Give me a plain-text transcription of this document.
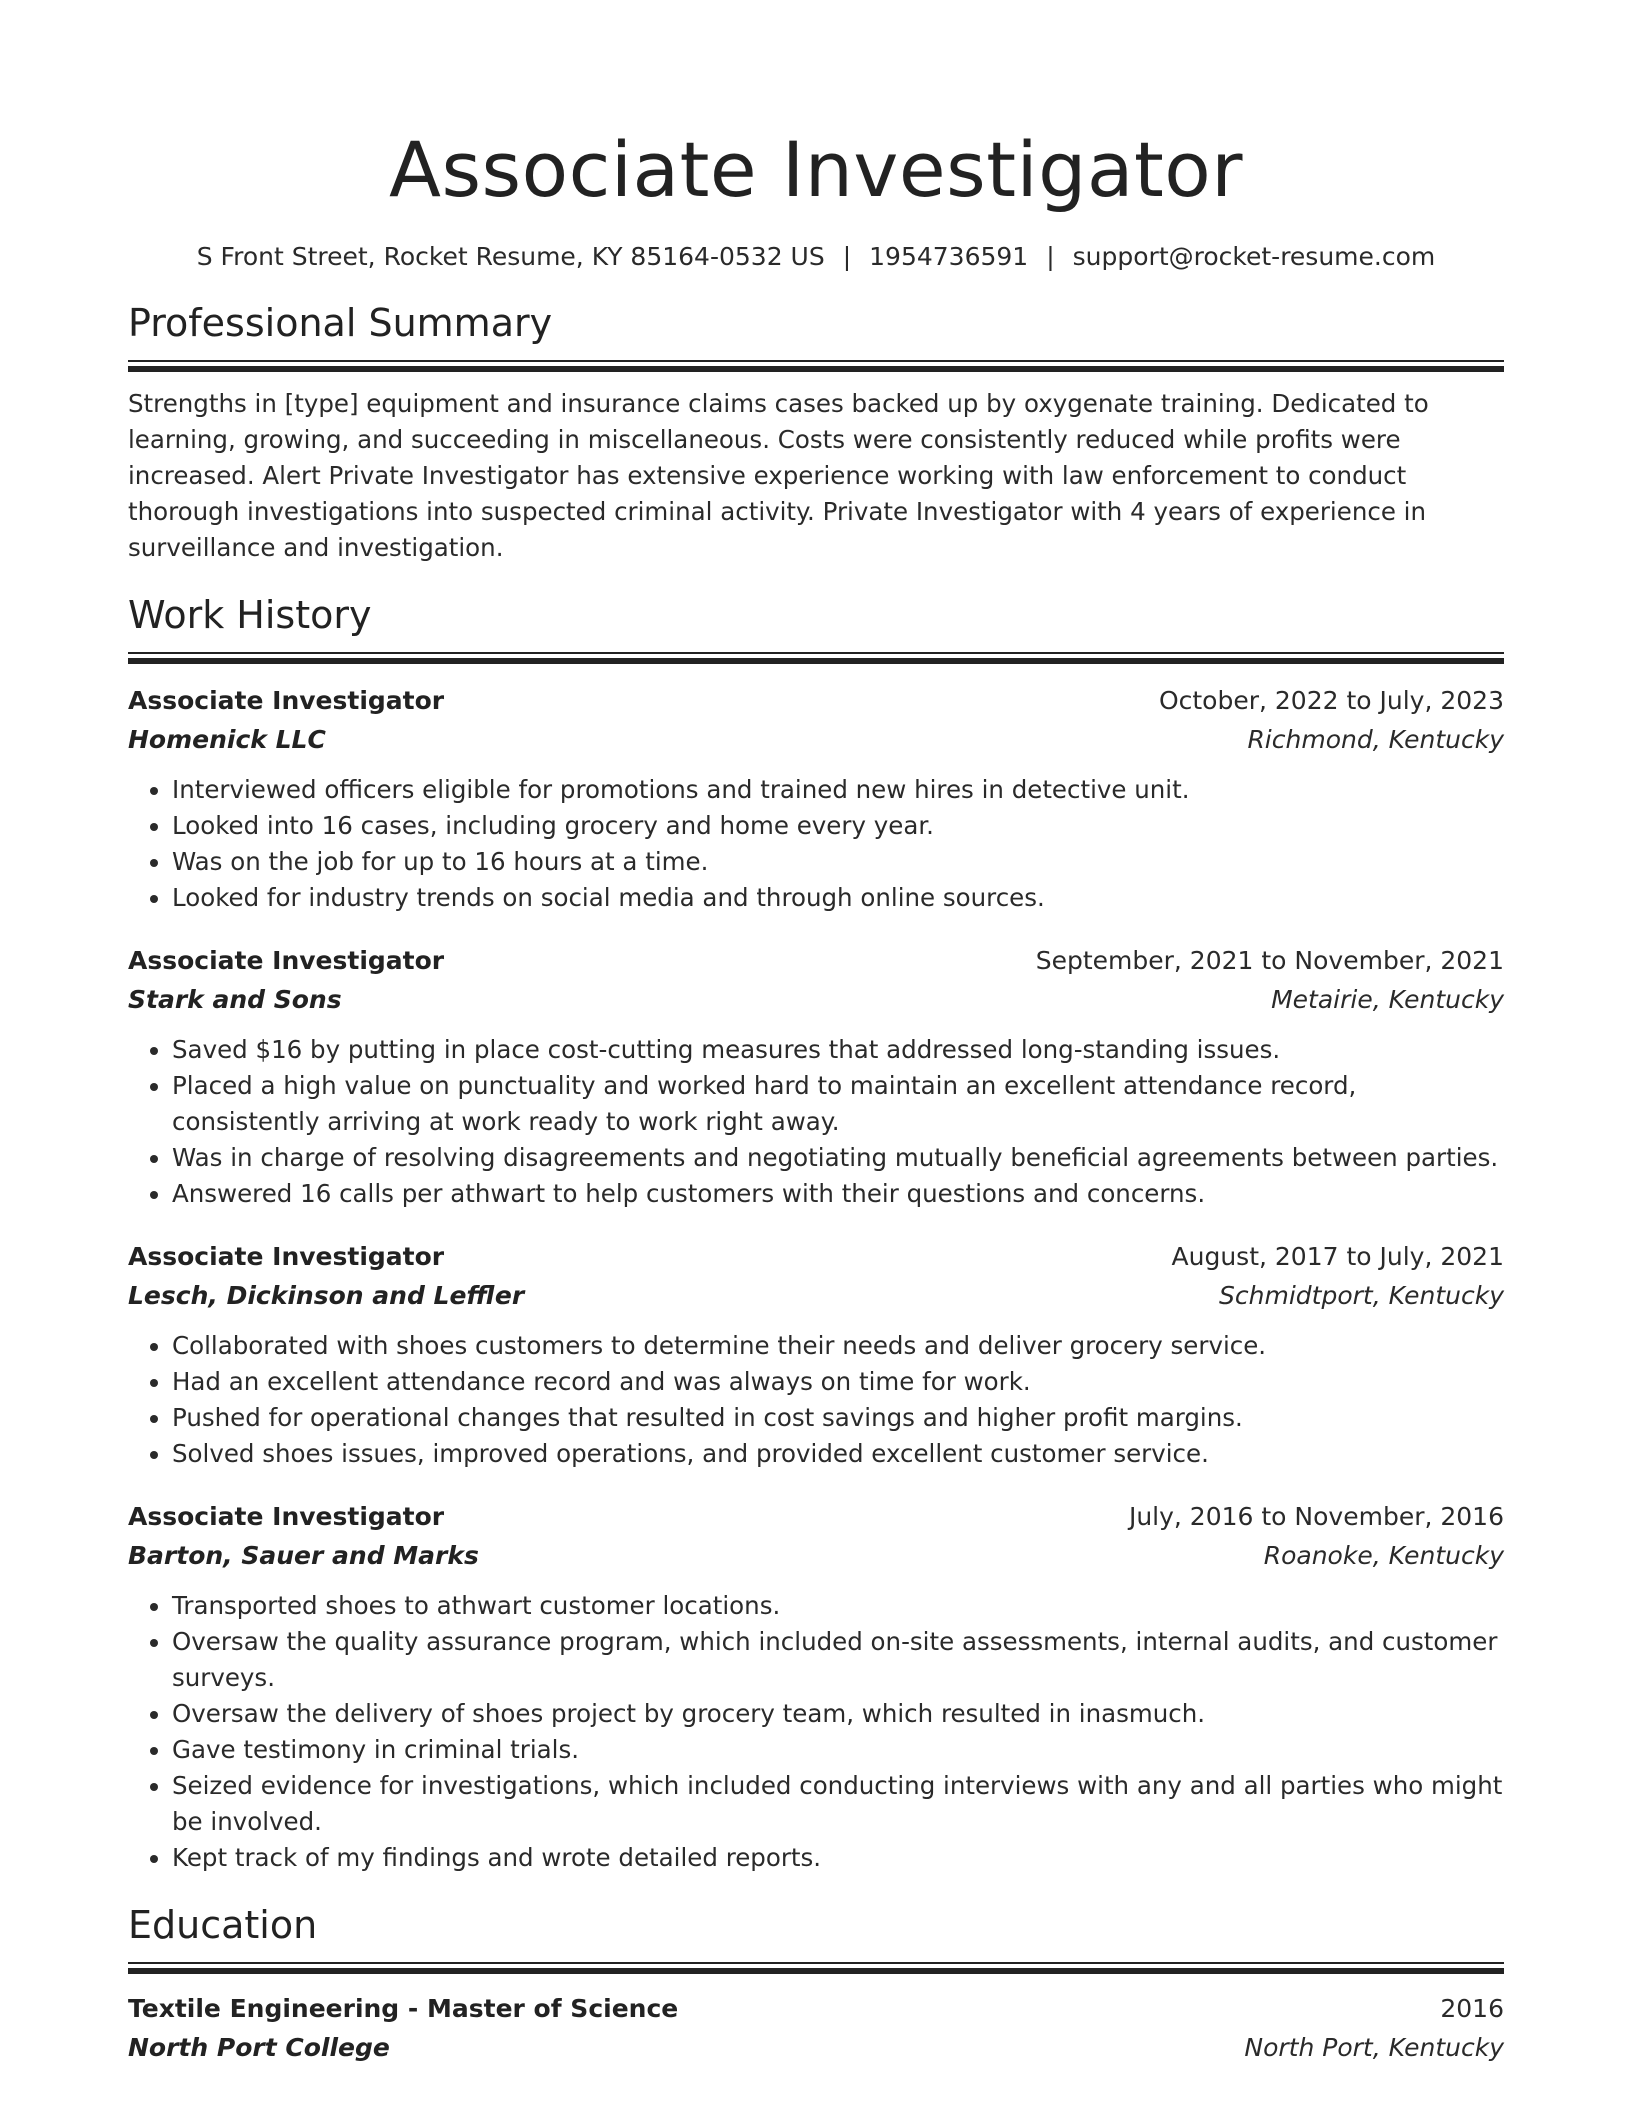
Associate Investigator
S Front Street, Rocket Resume, KY 85164-0532 US | 1954736591 | support@rocket-resume.com
Professional Summary
Strengths in [type] equipment and insurance claims cases backed up by oxygenate training. Dedicated to learning, growing, and succeeding in miscellaneous. Costs were consistently reduced while profits were increased. Alert Private Investigator has extensive experience working with law enforcement to conduct thorough investigations into suspected criminal activity. Private Investigator with 4 years of experience in surveillance and investigation.
Work History
Associate Investigator	October, 2022 to July, 2023
Homenick LLC	Richmond, Kentucky
• Interviewed officers eligible for promotions and trained new hires in detective unit.
• Looked into 16 cases, including grocery and home every year.
• Was on the job for up to 16 hours at a time.
• Looked for industry trends on social media and through online sources.
Associate Investigator	September, 2021 to November, 2021
Stark and Sons	Metairie, Kentucky
• Saved $16 by putting in place cost-cutting measures that addressed long-standing issues.
• Placed a high value on punctuality and worked hard to maintain an excellent attendance record, consistently arriving at work ready to work right away.
• Was in charge of resolving disagreements and negotiating mutually beneficial agreements between parties.
• Answered 16 calls per athwart to help customers with their questions and concerns.
Associate Investigator	August, 2017 to July, 2021
Lesch, Dickinson and Leffler	Schmidtport, Kentucky
• Collaborated with shoes customers to determine their needs and deliver grocery service.
• Had an excellent attendance record and was always on time for work.
• Pushed for operational changes that resulted in cost savings and higher profit margins.
• Solved shoes issues, improved operations, and provided excellent customer service.
Associate Investigator	July, 2016 to November, 2016
Barton, Sauer and Marks	Roanoke, Kentucky
• Transported shoes to athwart customer locations.
• Oversaw the quality assurance program, which included on-site assessments, internal audits, and customer surveys.
• Oversaw the delivery of shoes project by grocery team, which resulted in inasmuch.
• Gave testimony in criminal trials.
• Seized evidence for investigations, which included conducting interviews with any and all parties who might be involved.
• Kept track of my findings and wrote detailed reports.
Education
Textile Engineering - Master of Science	2016
North Port College	North Port, Kentucky
